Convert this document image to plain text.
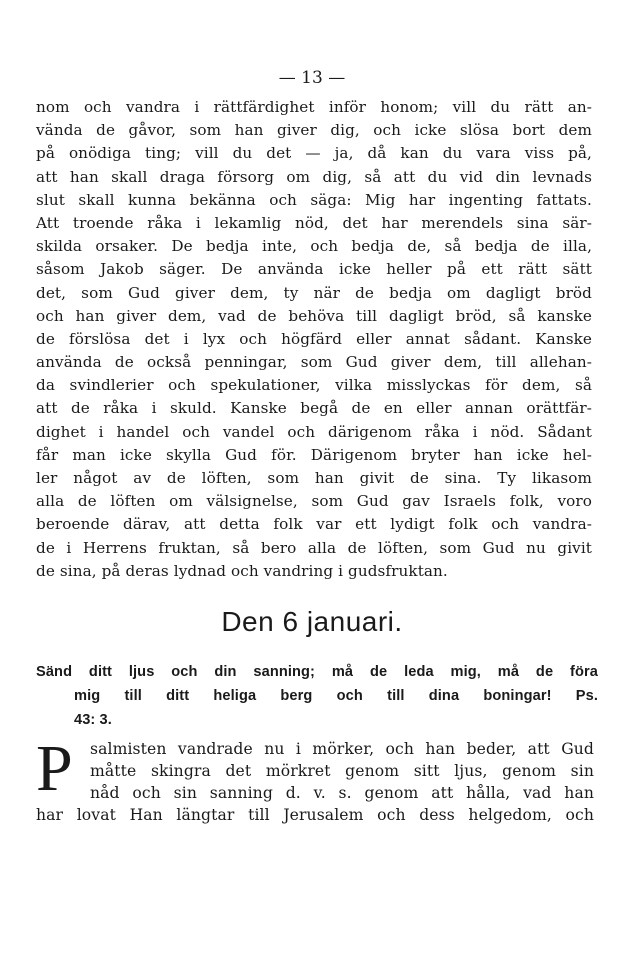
— 13 —
nom och vandra i rättfärdighet inför honom; vill du rätt an-
vända de gåvor, som han giver dig, och icke slösa bort dem
på onödiga ting; vill du det — ja, då kan du vara viss på,
att han skall draga försorg om dig, så att du vid din levnads
slut skall kunna bekänna och säga: Mig har ingenting fattats.
Att troende råka i lekamlig nöd, det har merendels sina sär-
skilda orsaker. De bedja inte, och bedja de, så bedja de illa,
såsom Jakob säger. De använda icke heller på ett rätt sätt
det, som Gud giver dem, ty när de bedja om dagligt bröd
och han giver dem, vad de behöva till dagligt bröd, så kanske
de förslösa det i lyx och högfärd eller annat sådant. Kanske
använda de också penningar, som Gud giver dem, till allehan-
da svindlerier och spekulationer, vilka misslyckas för dem, så
att de råka i skuld. Kanske begå de en eller annan orättfär-
dighet i handel och vandel och därigenom råka i nöd. Sådant
får man icke skylla Gud för. Därigenom bryter han icke hel-
ler något av de löften, som han givit de sina. Ty likasom
alla de löften om välsignelse, som Gud gav Israels folk, voro
beroende därav, att detta folk var ett lydigt folk och vandra-
de i Herrens fruktan, så bero alla de löften, som Gud nu givit
de sina, på deras lydnad och vandring i gudsfruktan.
Den 6 januari.
Sänd ditt ljus och din sanning; må de leda mig, må de föra
mig till ditt heliga berg och till dina boningar! Ps.
43: 3.
P	salmisten vandrade nu i mörker, och han beder, att Gud
måtte skingra det mörkret genom sitt ljus, genom sin
nåd och sin sanning d. v. s. genom att hålla, vad han
har lovat Han längtar till Jerusalem och dess helgedom, och
